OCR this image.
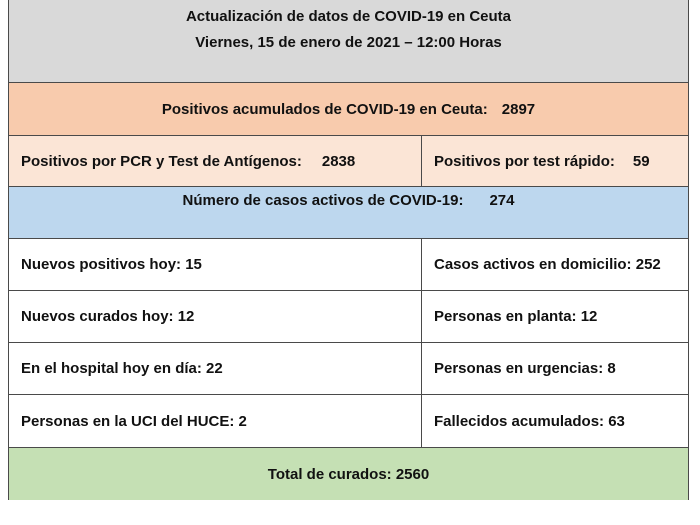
Actualización de datos de COVID-19 en Ceuta
Viernes, 15 de enero de 2021 – 12:00 Horas
Positivos acumulados de COVID-19 en Ceuta: 2897
Positivos por PCR y Test de Antígenos: 2838	Positivos por test rápido: 59
Número de casos activos de COVID-19: 274
Nuevos positivos hoy: 15	Casos activos en domicilio: 252
Nuevos curados hoy: 12	Personas en planta: 12
En el hospital hoy en día: 22	Personas en urgencias: 8
Personas en la UCI del HUCE: 2	Fallecidos acumulados: 63
Total de curados: 2560
